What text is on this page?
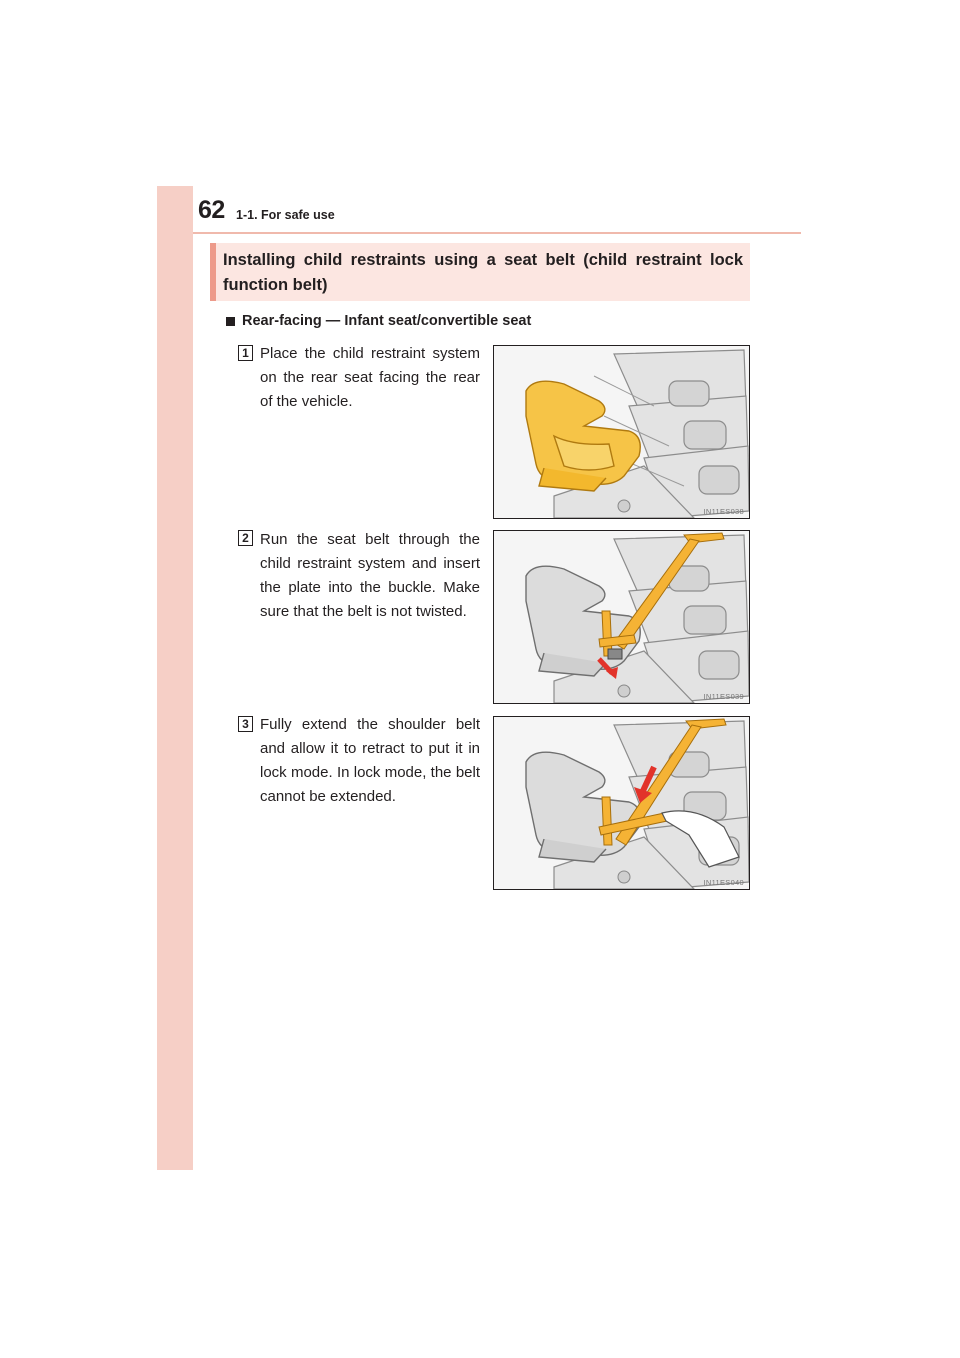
62 1-1. For safe use
Installing child restraints using a seat belt (child restraint lock function belt)
Rear-facing — Infant seat/convertible seat
1 Place the child restraint system on the rear seat facing the rear of the vehicle.
IN11ES038
2 Run the seat belt through the child restraint system and insert the plate into the buckle. Make sure that the belt is not twisted.
IN11ES039
3 Fully extend the shoulder belt and allow it to retract to put it in lock mode. In lock mode, the belt cannot be extended.
IN11ES040
